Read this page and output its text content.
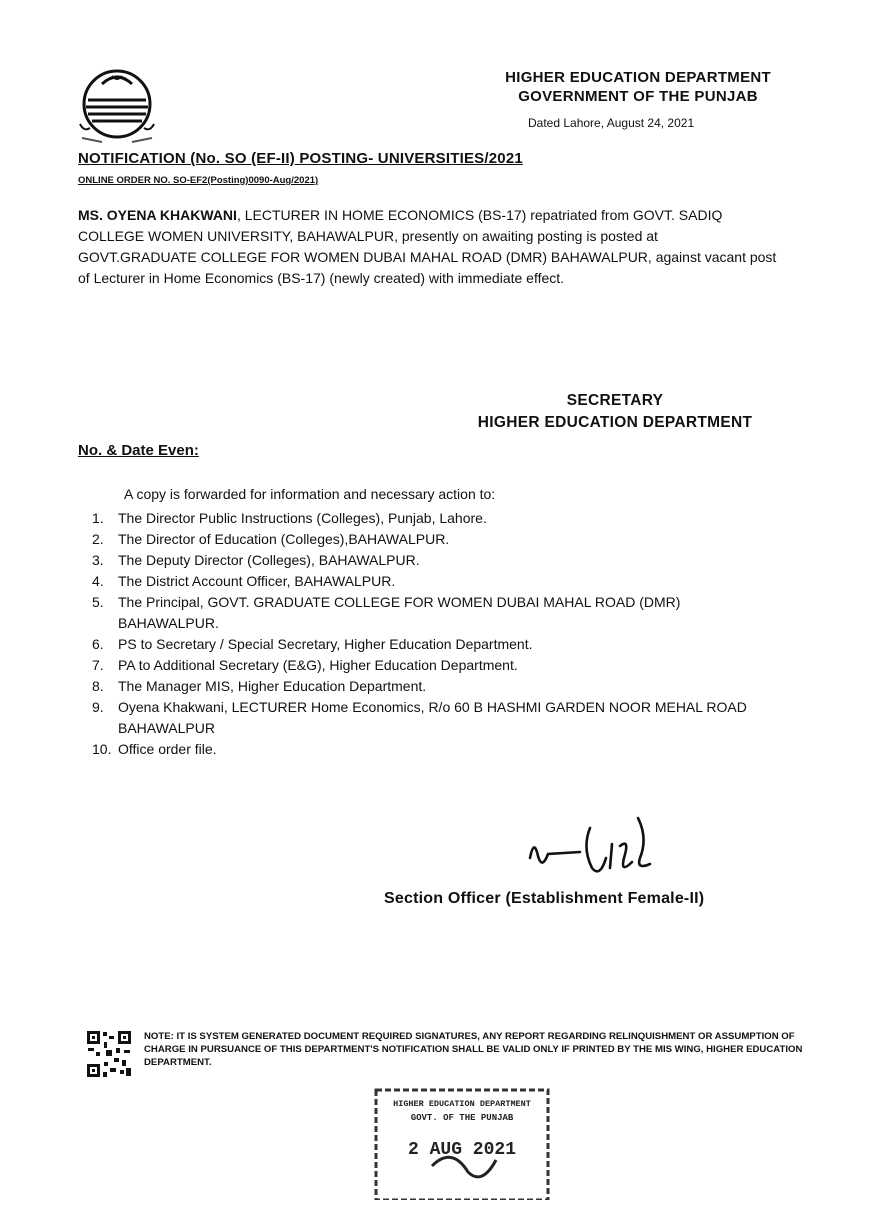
HIGHER EDUCATION DEPARTMENT
GOVERNMENT OF THE PUNJAB
Dated Lahore, August 24, 2021
NOTIFICATION (No. SO (EF-II) POSTING- UNIVERSITIES/2021
ONLINE ORDER NO. SO-EF2(Posting)0090-Aug/2021)
MS. OYENA KHAKWANI, LECTURER IN HOME ECONOMICS (BS-17) repatriated from GOVT. SADIQ COLLEGE WOMEN UNIVERSITY, BAHAWALPUR, presently on awaiting posting is posted at GOVT.GRADUATE COLLEGE FOR WOMEN DUBAI MAHAL ROAD (DMR) BAHAWALPUR, against vacant post of Lecturer in Home Economics (BS-17) (newly created) with immediate effect.
SECRETARY
HIGHER EDUCATION DEPARTMENT
No. & Date Even:
A copy is forwarded for information and necessary action to:
1. The Director Public Instructions (Colleges), Punjab, Lahore.
2. The Director of Education (Colleges),BAHAWALPUR.
3. The Deputy Director (Colleges), BAHAWALPUR.
4. The District Account Officer, BAHAWALPUR.
5. The Principal, GOVT. GRADUATE COLLEGE FOR WOMEN DUBAI MAHAL ROAD (DMR) BAHAWALPUR.
6. PS to Secretary / Special Secretary, Higher Education Department.
7. PA to Additional Secretary (E&G), Higher Education Department.
8. The Manager MIS, Higher Education Department.
9. Oyena Khakwani, LECTURER Home Economics, R/o 60 B HASHMI GARDEN NOOR MEHAL ROAD BAHAWALPUR
10. Office order file.
Section Officer (Establishment Female-II)
NOTE: IT IS SYSTEM GENERATED DOCUMENT REQUIRED SIGNATURES, ANY REPORT REGARDING RELINQUISHMENT OR ASSUMPTION OF CHARGE IN PURSUANCE OF THIS DEPARTMENT'S NOTIFICATION SHALL BE VALID ONLY IF PRINTED BY THE MIS WING, HIGHER EDUCATION DEPARTMENT.
HIGHER EDUCATION DEPARTMENT
GOVT. OF THE PUNJAB
2 AUG 2021
